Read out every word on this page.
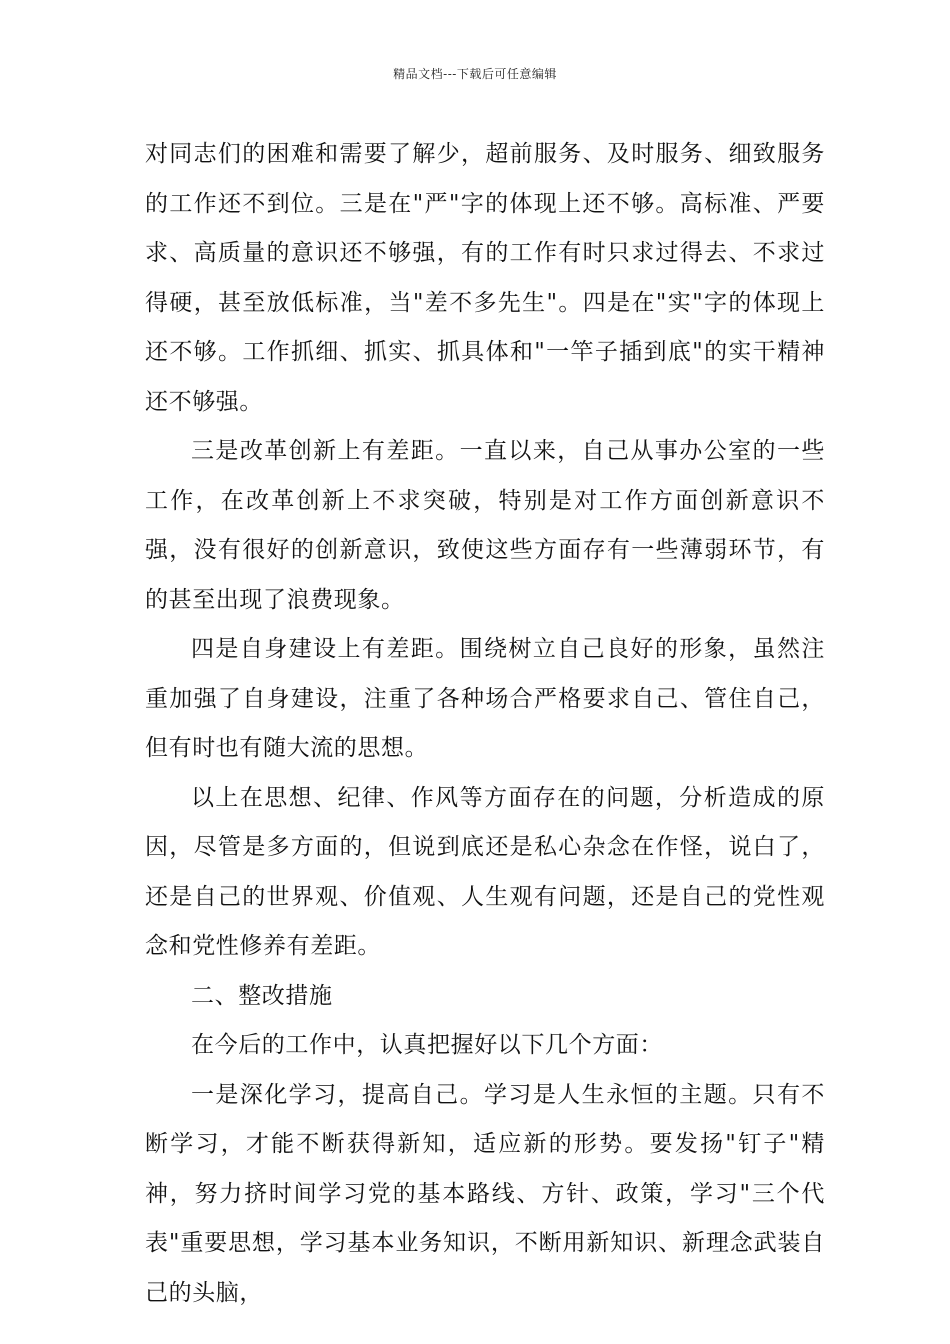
精品文档---下载后可任意编辑

对同志们的困难和需要了解少，超前服务、及时服务、细致服务的工作还不到位。三是在"严"字的体现上还不够。高标准、严要求、高质量的意识还不够强，有的工作有时只求过得去、不求过得硬，甚至放低标准，当"差不多先生"。四是在"实"字的体现上还不够。工作抓细、抓实、抓具体和"一竿子插到底"的实干精神还不够强。

三是改革创新上有差距。一直以来，自己从事办公室的一些工作，在改革创新上不求突破，特别是对工作方面创新意识不强，没有很好的创新意识，致使这些方面存有一些薄弱环节，有的甚至出现了浪费现象。

四是自身建设上有差距。围绕树立自己良好的形象，虽然注重加强了自身建设，注重了各种场合严格要求自己、管住自己，但有时也有随大流的思想。

以上在思想、纪律、作风等方面存在的问题，分析造成的原因，尽管是多方面的，但说到底还是私心杂念在作怪，说白了，还是自己的世界观、价值观、人生观有问题，还是自己的党性观念和党性修养有差距。

二、整改措施

在今后的工作中，认真把握好以下几个方面：

一是深化学习，提高自己。学习是人生永恒的主题。只有不断学习，才能不断获得新知，适应新的形势。要发扬"钉子"精神，努力挤时间学习党的基本路线、方针、政策，学习"三个代表"重要思想，学习基本业务知识，不断用新知识、新理念武装自己的头脑，
